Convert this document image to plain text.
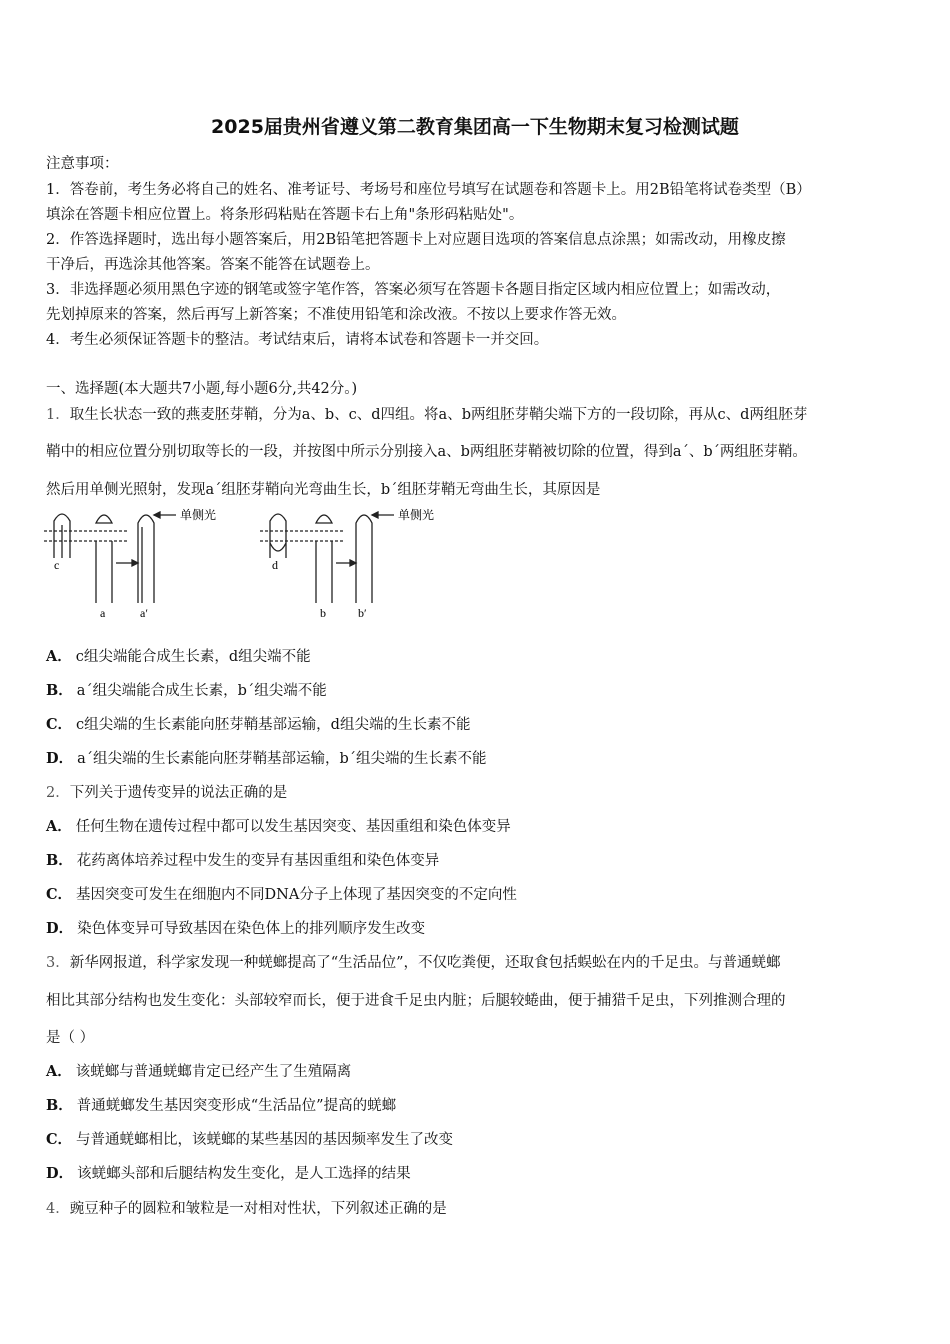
2025届贵州省遵义第二教育集团高一下生物期末复习检测试题
注意事项：
1．答卷前，考生务必将自己的姓名、准考证号、考场号和座位号填写在试题卷和答题卡上。用2B铅笔将试卷类型（B）
填涂在答题卡相应位置上。将条形码粘贴在答题卡右上角"条形码粘贴处"。
2．作答选择题时，选出每小题答案后，用2B铅笔把答题卡上对应题目选项的答案信息点涂黑；如需改动，用橡皮擦
干净后，再选涂其他答案。答案不能答在试题卷上。
3．非选择题必须用黑色字迹的钢笔或签字笔作答，答案必须写在答题卡各题目指定区域内相应位置上；如需改动，
先划掉原来的答案，然后再写上新答案；不准使用铅笔和涂改液。不按以上要求作答无效。
4．考生必须保证答题卡的整洁。考试结束后，请将本试卷和答题卡一并交回。
一、选择题(本大题共7小题,每小题6分,共42分。)
1．取生长状态一致的燕麦胚芽鞘，分为a、b、c、d四组。将a、b两组胚芽鞘尖端下方的一段切除，再从c、d两组胚芽
鞘中的相应位置分别切取等长的一段，并按图中所示分别接入a、b两组胚芽鞘被切除的位置，得到a´、b´两组胚芽鞘。
然后用单侧光照射，发现a´组胚芽鞘向光弯曲生长，b´组胚芽鞘无弯曲生长，其原因是
单侧光	单侧光
c
a	a′
d
b	b′
A． c组尖端能合成生长素，d组尖端不能
B． a´组尖端能合成生长素，b´组尖端不能
C． c组尖端的生长素能向胚芽鞘基部运输，d组尖端的生长素不能
D． a´组尖端的生长素能向胚芽鞘基部运输，b´组尖端的生长素不能
2．下列关于遗传变异的说法正确的是
A． 任何生物在遗传过程中都可以发生基因突变、基因重组和染色体变异
B． 花药离体培养过程中发生的变异有基因重组和染色体变异
C． 基因突变可发生在细胞内不同DNA分子上体现了基因突变的不定向性
D． 染色体变异可导致基因在染色体上的排列顺序发生改变
3．新华网报道，科学家发现一种蜣螂提高了“生活品位”，不仅吃粪便，还取食包括蜈蚣在内的千足虫。与普通蜣螂
相比其部分结构也发生变化：头部较窄而长，便于进食千足虫内脏；后腿较蜷曲，便于捕猎千足虫，下列推测合理的
是（ ）
A． 该蜣螂与普通蜣螂肯定已经产生了生殖隔离
B． 普通蜣螂发生基因突变形成“生活品位”提高的蜣螂
C． 与普通蜣螂相比，该蜣螂的某些基因的基因频率发生了改变
D． 该蜣螂头部和后腿结构发生变化，是人工选择的结果
4．豌豆种子的圆粒和皱粒是一对相对性状，下列叙述正确的是
